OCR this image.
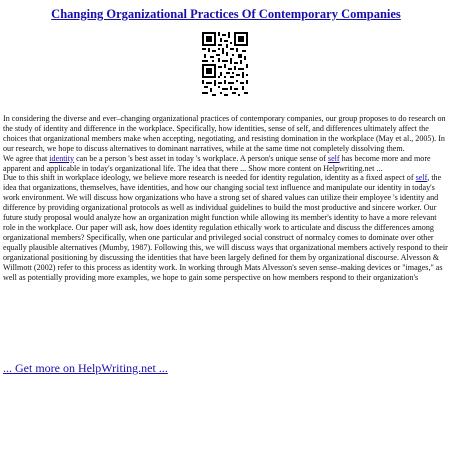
Changing Organizational Practices Of Contemporary Companies

In considering the diverse and ever–changing organizational practices of contemporary companies, our group proposes to do research on the study of identity and difference in the workplace. Specifically, how identities, sense of self, and differences ultimately affect the choices that organizational members make when accepting, negotiating, and resisting domination in the workplace (May et al., 2005). In our research, we hope to discuss alternatives to dominant narratives, while at the same time not completely dissolving them.

We agree that identity can be a person 's best asset in today 's workplace. A person's unique sense of self has become more and more apparent and applicable in today's organizational life. The idea that there ... Show more content on Helpwriting.net ...

Due to this shift in workplace ideology, we believe more research is needed for identity regulation, identity as a fixed aspect of self, the idea that organizations, themselves, have identities, and how our changing social text influence and manipulate our identity in today's work environment. We will discuss how organizations who have a strong set of shared values can utilize their employee 's identity and difference by providing organizational protocols as well as individual guidelines to build the most productive and sincere worker. Our future study proposal would analyze how an organization might function while allowing its member's identity to have a more relevant role in the workplace. Our paper will ask, how does identity regulation ethically work to articulate and discuss the differences among organizational members? Specifically, when one particular and privileged social construct of normalcy comes to dominate over other equally plausible alternatives (Mumby, 1987). Following this, we will discuss ways that organizational members actively respond to their organizational positioning by discussing the identities that have been largely defined for them by organizational discourse. Alvesson & Willmott (2002) refer to this process as identity work. In working through Mats Alvesson's seven sense–making devices or "images," as well as potentially providing more examples, we hope to gain some perspective on how members respond to their organization's

... Get more on HelpWriting.net ...
